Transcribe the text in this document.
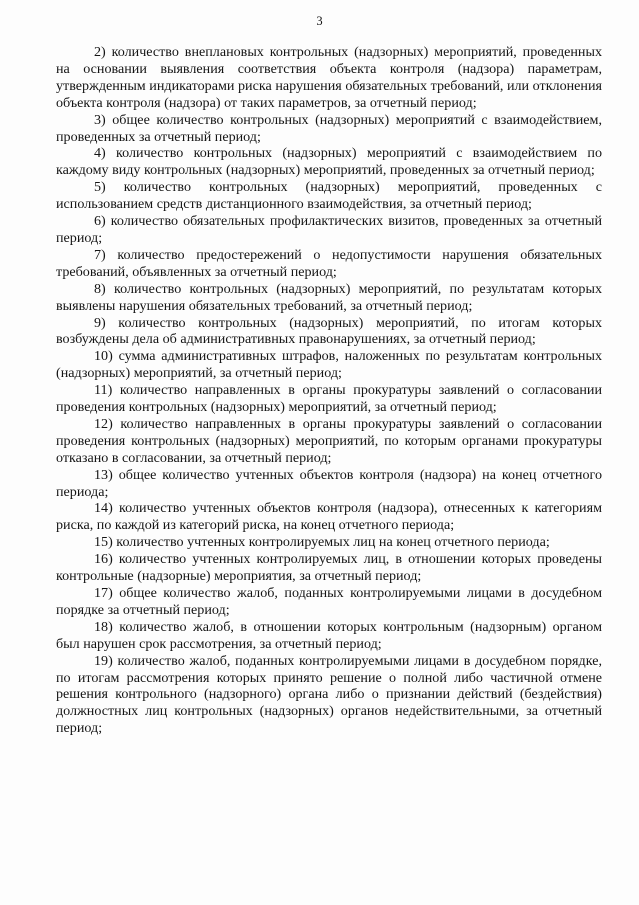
3

2) количество внеплановых контрольных (надзорных) мероприятий, проведенных на основании выявления соответствия объекта контроля (надзора) параметрам, утвержденным индикаторами риска нарушения обязательных требований, или отклонения объекта контроля (надзора) от таких параметров, за отчетный период;

3) общее количество контрольных (надзорных) мероприятий с взаимодействием, проведенных за отчетный период;

4) количество контрольных (надзорных) мероприятий с взаимодействием по каждому виду контрольных (надзорных) мероприятий, проведенных за отчетный период;

5) количество контрольных (надзорных) мероприятий, проведенных с использованием средств дистанционного взаимодействия, за отчетный период;

6) количество обязательных профилактических визитов, проведенных за отчетный период;

7) количество предостережений о недопустимости нарушения обязательных требований, объявленных за отчетный период;

8) количество контрольных (надзорных) мероприятий, по результатам которых выявлены нарушения обязательных требований, за отчетный период;

9) количество контрольных (надзорных) мероприятий, по итогам которых возбуждены дела об административных правонарушениях, за отчетный период;

10) сумма административных штрафов, наложенных по результатам контрольных (надзорных) мероприятий, за отчетный период;

11) количество направленных в органы прокуратуры заявлений о согласовании проведения контрольных (надзорных) мероприятий, за отчетный период;

12) количество направленных в органы прокуратуры заявлений о согласовании проведения контрольных (надзорных) мероприятий, по которым органами прокуратуры отказано в согласовании, за отчетный период;

13) общее количество учтенных объектов контроля (надзора) на конец отчетного периода;

14) количество учтенных объектов контроля (надзора), отнесенных к категориям риска, по каждой из категорий риска, на конец отчетного периода;

15) количество учтенных контролируемых лиц на конец отчетного периода;

16) количество учтенных контролируемых лиц, в отношении которых проведены контрольные (надзорные) мероприятия, за отчетный период;

17) общее количество жалоб, поданных контролируемыми лицами в досудебном порядке за отчетный период;

18) количество жалоб, в отношении которых контрольным (надзорным) органом был нарушен срок рассмотрения, за отчетный период;

19) количество жалоб, поданных контролируемыми лицами в досудебном порядке, по итогам рассмотрения которых принято решение о полной либо частичной отмене решения контрольного (надзорного) органа либо о признании действий (бездействия) должностных лиц контрольных (надзорных) органов недействительными, за отчетный период;
